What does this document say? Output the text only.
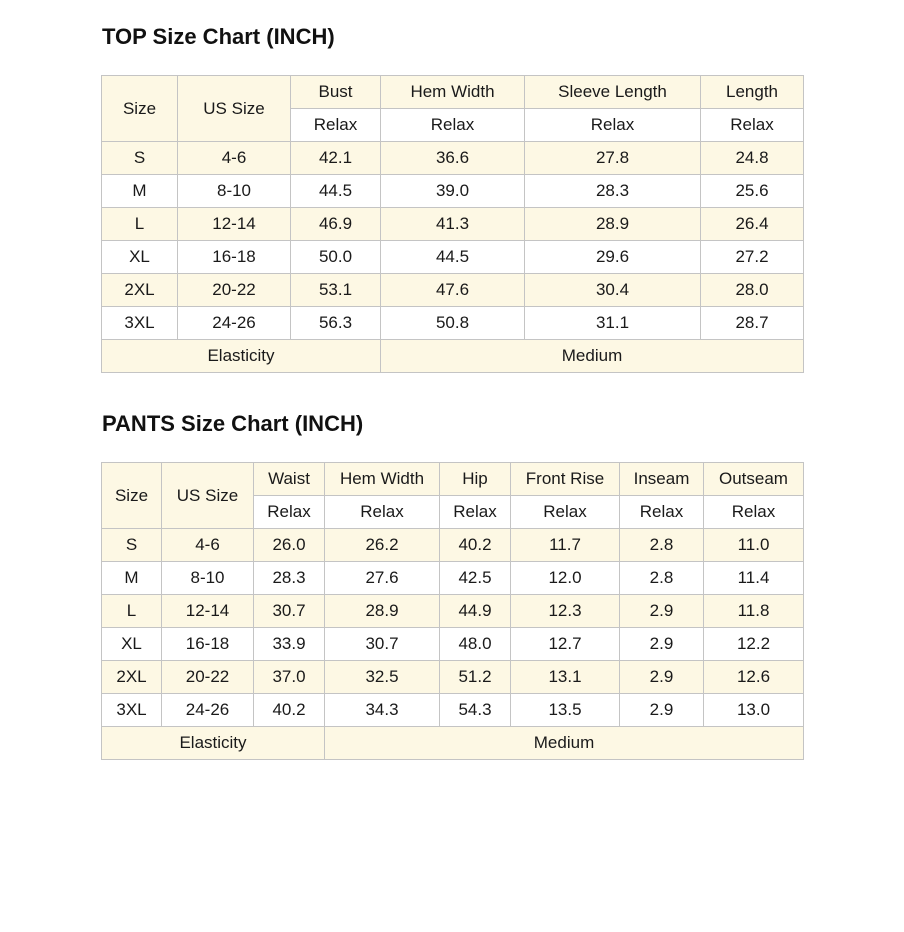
TOP Size Chart (INCH)
Size	US Size	Bust	Hem Width	Sleeve Length	Length
		Relax	Relax	Relax	Relax
S	4-6	42.1	36.6	27.8	24.8
M	8-10	44.5	39.0	28.3	25.6
L	12-14	46.9	41.3	28.9	26.4
XL	16-18	50.0	44.5	29.6	27.2
2XL	20-22	53.1	47.6	30.4	28.0
3XL	24-26	56.3	50.8	31.1	28.7
Elasticity			Medium		
PANTS Size Chart (INCH)
Size	US Size	Waist	Hem Width	Hip	Front Rise	Inseam	Outseam
		Relax	Relax	Relax	Relax	Relax	Relax
S	4-6	26.0	26.2	40.2	11.7	2.8	11.0
M	8-10	28.3	27.6	42.5	12.0	2.8	11.4
L	12-14	30.7	28.9	44.9	12.3	2.9	11.8
XL	16-18	33.9	30.7	48.0	12.7	2.9	12.2
2XL	20-22	37.0	32.5	51.2	13.1	2.9	12.6
3XL	24-26	40.2	34.3	54.3	13.5	2.9	13.0
Elasticity			Medium				
